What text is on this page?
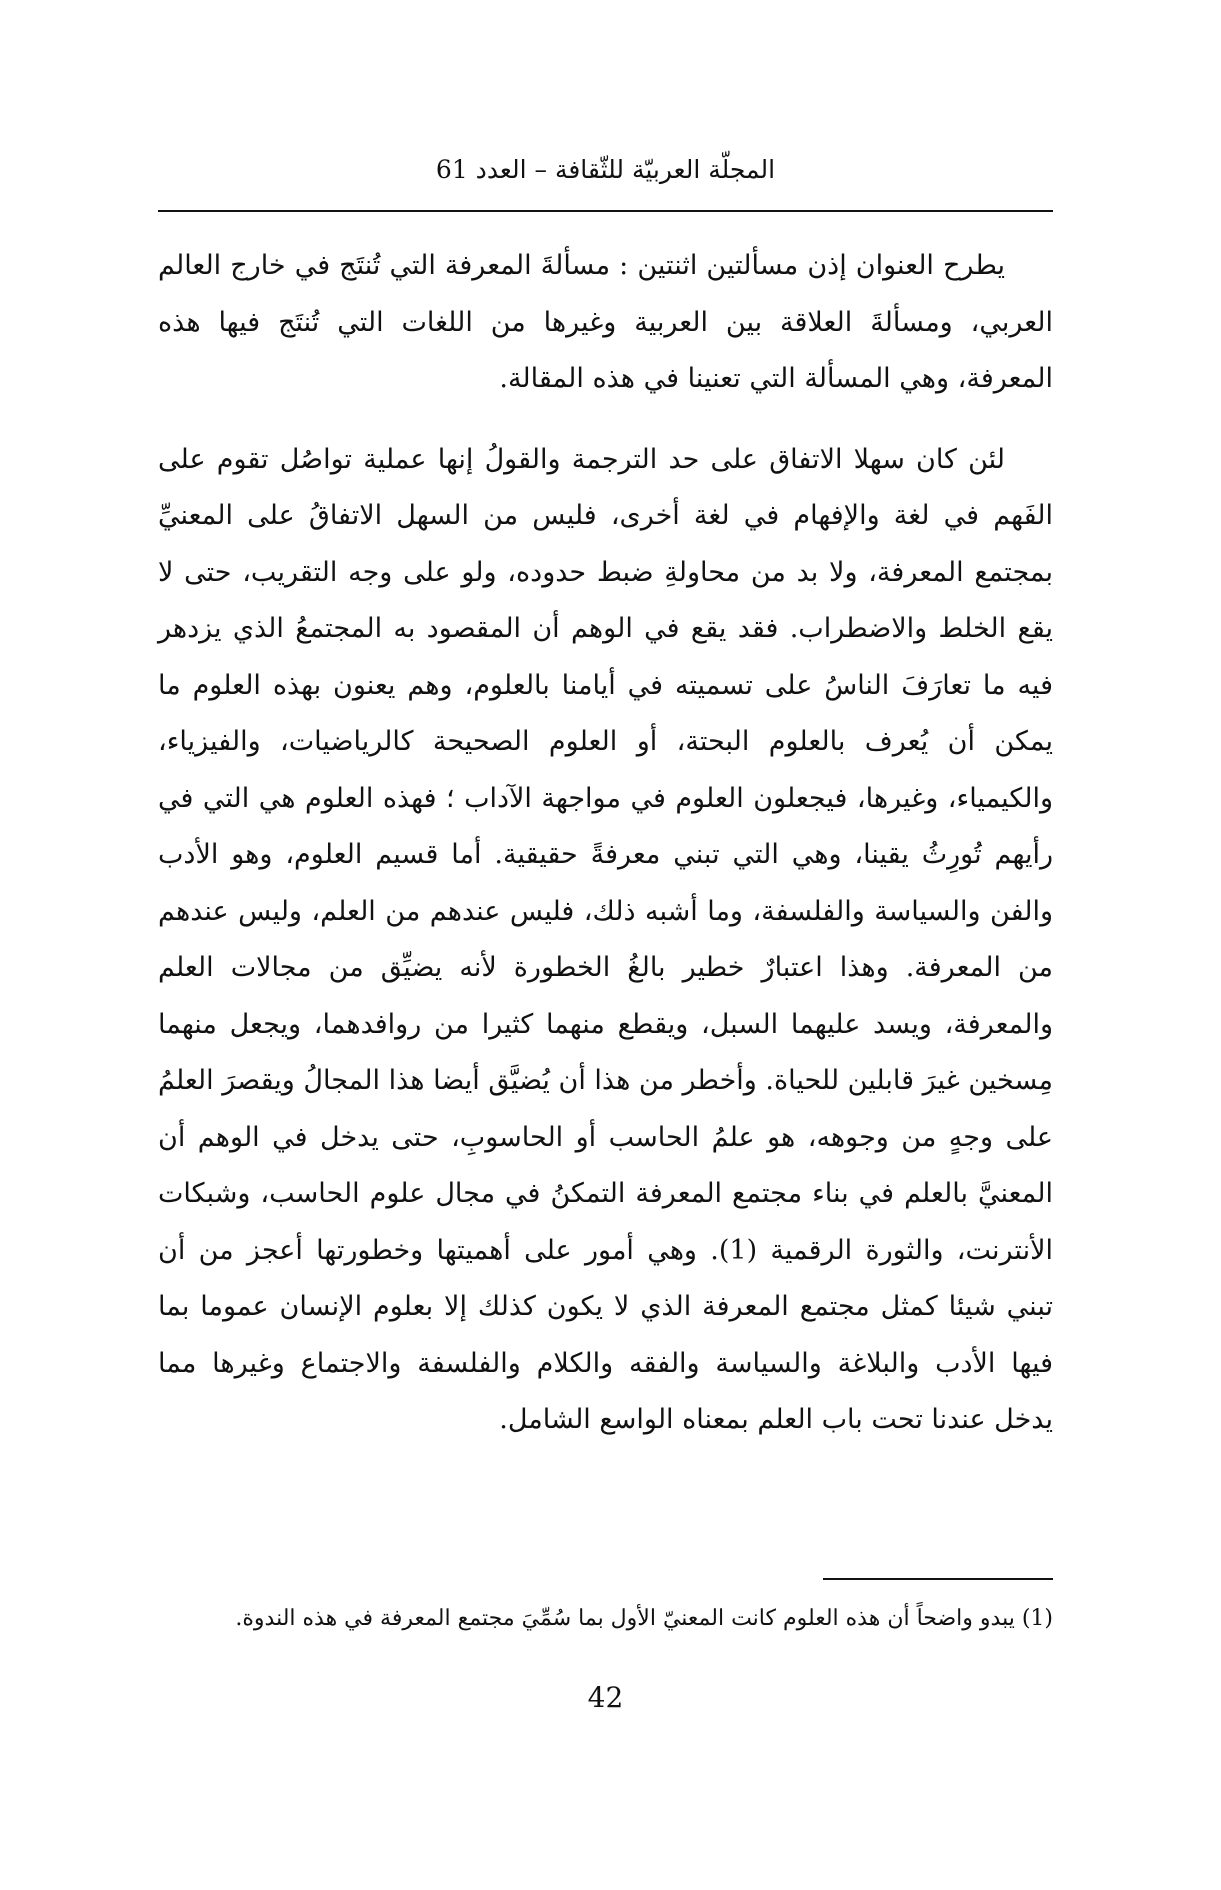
المجلّة العربيّة للثّقافة – العدد 61

يطرح العنوان إذن مسألتين اثنتين : مسألةَ المعرفة التي تُنتَج في خارج العالم العربي، ومسألةَ العلاقة بين العربية وغيرها من اللغات التي تُنتَج فيها هذه المعرفة، وهي المسألة التي تعنينا في هذه المقالة.

لئن كان سهلا الاتفاق على حد الترجمة والقولُ إنها عملية تواصُل تقوم على الفَهم في لغة والإفهام في لغة أخرى، فليس من السهل الاتفاقُ على المعنيِّ بمجتمع المعرفة، ولا بد من محاولةِ ضبط حدوده، ولو على وجه التقريب، حتى لا يقع الخلط والاضطراب. فقد يقع في الوهم أن المقصود به المجتمعُ الذي يزدهر فيه ما تعارَفَ الناسُ على تسميته في أيامنا بالعلوم، وهم يعنون بهذه العلوم ما يمكن أن يُعرف بالعلوم البحتة، أو العلوم الصحيحة كالرياضيات، والفيزياء، والكيمياء، وغيرها، فيجعلون العلوم في مواجهة الآداب ؛ فهذه العلوم هي التي في رأيهم تُورِثُ يقينا، وهي التي تبني معرفةً حقيقية. أما قسيم العلوم، وهو الأدب والفن والسياسة والفلسفة، وما أشبه ذلك، فليس عندهم من العلم، وليس عندهم من المعرفة. وهذا اعتبارٌ خطير بالغُ الخطورة لأنه يضيِّق من مجالات العلم والمعرفة، ويسد عليهما السبل، ويقطع منهما كثيرا من روافدهما، ويجعل منهما مِسخين غيرَ قابلين للحياة. وأخطر من هذا أن يُضيَّق أيضا هذا المجالُ ويقصرَ العلمُ على وجهٍ من وجوهه، هو علمُ الحاسب أو الحاسوبِ، حتى يدخل في الوهم أن المعنيَّ بالعلم في بناء مجتمع المعرفة التمكنُ في مجال علوم الحاسب، وشبكات الأنترنت، والثورة الرقمية (1). وهي أمور على أهميتها وخطورتها أعجز من أن تبني شيئا كمثل مجتمع المعرفة الذي لا يكون كذلك إلا بعلوم الإنسان عموما بما فيها الأدب والبلاغة والسياسة والفقه والكلام والفلسفة والاجتماع وغيرها مما يدخل عندنا تحت باب العلم بمعناه الواسع الشامل.

(1) يبدو واضحاً أن هذه العلوم كانت المعنيّ الأول بما سُمِّيَ مجتمع المعرفة في هذه الندوة.
42
